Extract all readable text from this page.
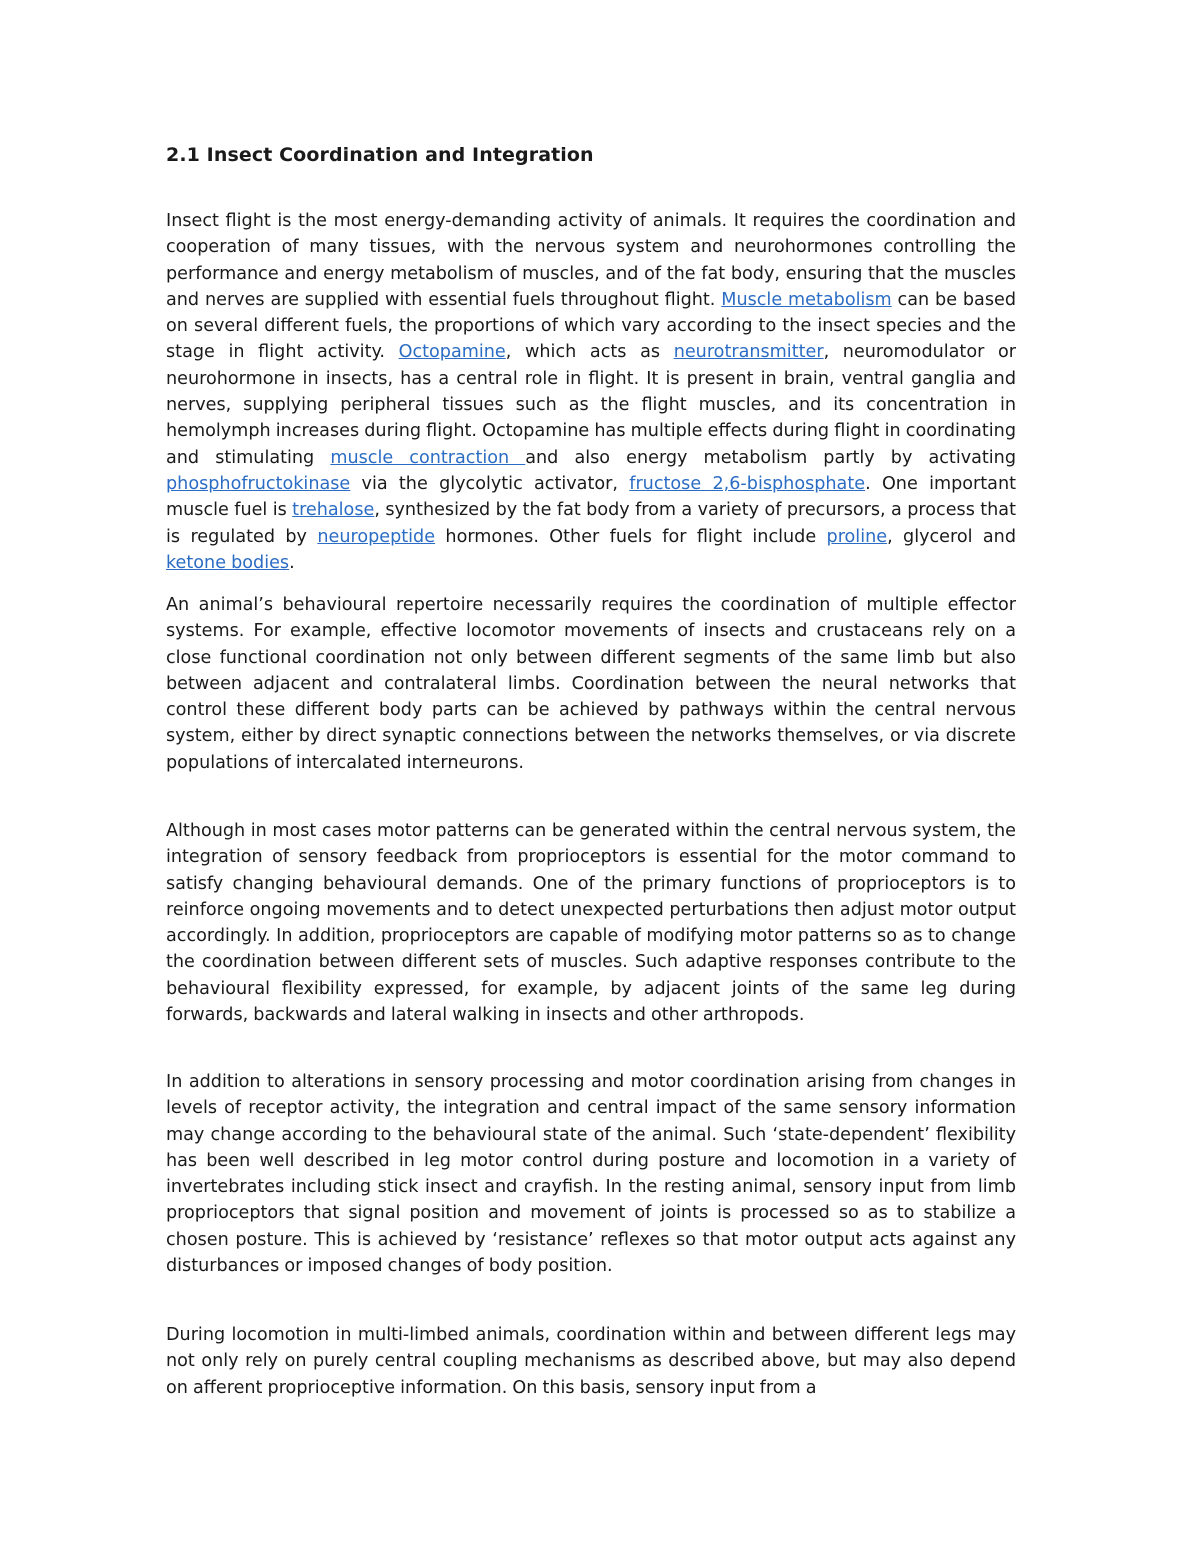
2.1 Insect Coordination and Integration

Insect flight is the most energy-demanding activity of animals. It requires the coordination and cooperation of many tissues, with the nervous system and neurohormones controlling the performance and energy metabolism of muscles, and of the fat body, ensuring that the muscles and nerves are supplied with essential fuels throughout flight. Muscle metabolism can be based on several different fuels, the proportions of which vary according to the insect species and the stage in flight activity. Octopamine, which acts as neurotransmitter, neuromodulator or neurohormone in insects, has a central role in flight. It is present in brain, ventral ganglia and nerves, supplying peripheral tissues such as the flight muscles, and its concentration in hemolymph increases during flight. Octopamine has multiple effects during flight in coordinating and stimulating muscle contraction and also energy metabolism partly by activating phosphofructokinase via the glycolytic activator, fructose 2,6-bisphosphate. One important muscle fuel is trehalose, synthesized by the fat body from a variety of precursors, a process that is regulated by neuropeptide hormones. Other fuels for flight include proline, glycerol and ketone bodies.

An animal’s behavioural repertoire necessarily requires the coordination of multiple effector systems. For example, effective locomotor movements of insects and crustaceans rely on a close functional coordination not only between different segments of the same limb but also between adjacent and contralateral limbs. Coordination between the neural networks that control these different body parts can be achieved by pathways within the central nervous system, either by direct synaptic connections between the networks themselves, or via discrete populations of intercalated interneurons.

Although in most cases motor patterns can be generated within the central nervous system, the integration of sensory feedback from proprioceptors is essential for the motor command to satisfy changing behavioural demands. One of the primary functions of proprioceptors is to reinforce ongoing movements and to detect unexpected perturbations then adjust motor output accordingly. In addition, proprioceptors are capable of modifying motor patterns so as to change the coordination between different sets of muscles. Such adaptive responses contribute to the behavioural flexibility expressed, for example, by adjacent joints of the same leg during forwards, backwards and lateral walking in insects and other arthropods.

In addition to alterations in sensory processing and motor coordination arising from changes in levels of receptor activity, the integration and central impact of the same sensory information may change according to the behavioural state of the animal. Such ‘state-dependent’ flexibility has been well described in leg motor control during posture and locomotion in a variety of invertebrates including stick insect and crayfish. In the resting animal, sensory input from limb proprioceptors that signal position and movement of joints is processed so as to stabilize a chosen posture. This is achieved by ‘resistance’ reflexes so that motor output acts against any disturbances or imposed changes of body position.

During locomotion in multi-limbed animals, coordination within and between different legs may not only rely on purely central coupling mechanisms as described above, but may also depend on afferent proprioceptive information. On this basis, sensory input from a
